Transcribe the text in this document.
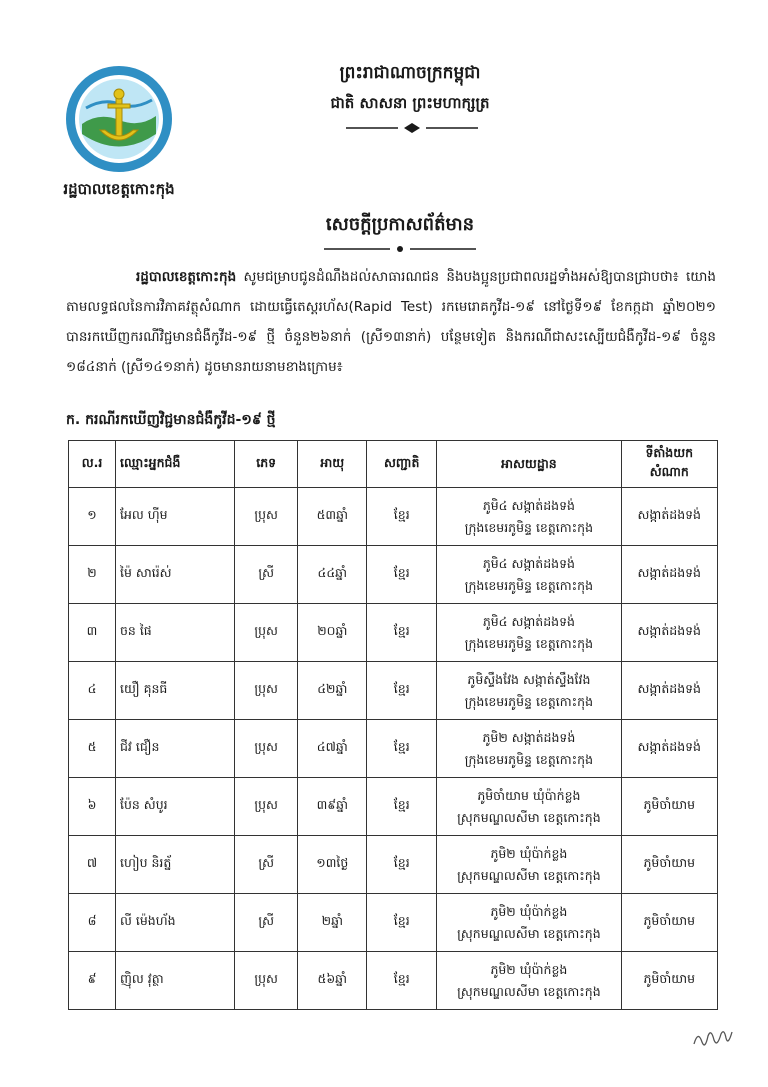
រដ្ឋបាលខេត្តកោះកុង
ព្រះរាជាណាចក្រកម្ពុជា
ជាតិ សាសនា ព្រះមហាក្សត្រ
សេចក្តីប្រកាសព័ត៌មាន
រដ្ឋបាលខេត្តកោះកុង សូមជម្រាបជូនដំណឹងដល់សាធារណជន និងបងប្អូនប្រជាពលរដ្ឋទាំងអស់ឱ្យបានជ្រាបថា៖ យោងតាមលទ្ធផលនៃការវិភាគវត្ថុសំណាក ដោយធ្វើតេស្តរហ័ស(Rapid Test) រកមេរោគកូវីដ-១៩ នៅថ្ងៃទី១៩ ខែកក្កដា ឆ្នាំ២០២១ បានរកឃើញករណីវិជ្ជមានជំងឺកូវីដ-១៩ ថ្មី ចំនួន២៦នាក់ (ស្រី១៣នាក់) បន្ថែមទៀត និងករណីជាសះស្បើយជំងឺកូវីដ-១៩ ចំនួន ១៨៤នាក់ (ស្រី១៤១នាក់) ដូចមានរាយនាមខាងក្រោម៖
ក. ករណីរកឃើញវិជ្ជមានជំងឺកូវីដ-១៩ ថ្មី
ល.រ	ឈ្មោះអ្នកជំងឺ	ភេទ	អាយុ	សញ្ជាតិ	អាសយដ្ឋាន	ទីតាំងយក
សំណាក

១	អែល ហ៊ីម	ប្រុស	៥៣ឆ្នាំ	ខ្មែរ	ភូមិ៤ សង្កាត់ដងទង់
ក្រុងខេមរភូមិន្ទ ខេត្តកោះកុង	សង្កាត់ដងទង់
២	ម៉ៃ សារ៉េស់	ស្រី	៤៤ឆ្នាំ	ខ្មែរ	ភូមិ៤ សង្កាត់ដងទង់
ក្រុងខេមរភូមិន្ទ ខេត្តកោះកុង	សង្កាត់ដងទង់
៣	ចន ផៃ	ប្រុស	២០ឆ្នាំ	ខ្មែរ	ភូមិ៤ សង្កាត់ដងទង់
ក្រុងខេមរភូមិន្ទ ខេត្តកោះកុង	សង្កាត់ដងទង់
៤	យឿ គុនធី	ប្រុស	៤២ឆ្នាំ	ខ្មែរ	ភូមិស្ទឹងវែង សង្កាត់ស្ទឹងវែង
ក្រុងខេមរភូមិន្ទ ខេត្តកោះកុង	សង្កាត់ដងទង់
៥	ជីវ ជឿន	ប្រុស	៤៧ឆ្នាំ	ខ្មែរ	ភូមិ២ សង្កាត់ដងទង់
ក្រុងខេមរភូមិន្ទ ខេត្តកោះកុង	សង្កាត់ដងទង់
៦	ប៉ែន សំបូរ	ប្រុស	៣៩ឆ្នាំ	ខ្មែរ	ភូមិចាំយាម ឃុំប៉ាក់ខ្លង
ស្រុកមណ្ឌលសីមា ខេត្តកោះកុង	ភូមិចាំយាម
៧	ហៀប និរត្ន័	ស្រី	១៣ថ្ងៃ	ខ្មែរ	ភូមិ២ ឃុំប៉ាក់ខ្លង
ស្រុកមណ្ឌលសីមា ខេត្តកោះកុង	ភូមិចាំយាម
៨	លី ម៉េងហ័ង	ស្រី	២ឆ្នាំ	ខ្មែរ	ភូមិ២ ឃុំប៉ាក់ខ្លង
ស្រុកមណ្ឌលសីមា ខេត្តកោះកុង	ភូមិចាំយាម
៩	ញ៉ិល វុត្ថា	ប្រុស	៥៦ឆ្នាំ	ខ្មែរ	ភូមិ២ ឃុំប៉ាក់ខ្លង
ស្រុកមណ្ឌលសីមា ខេត្តកោះកុង	ភូមិចាំយាម
